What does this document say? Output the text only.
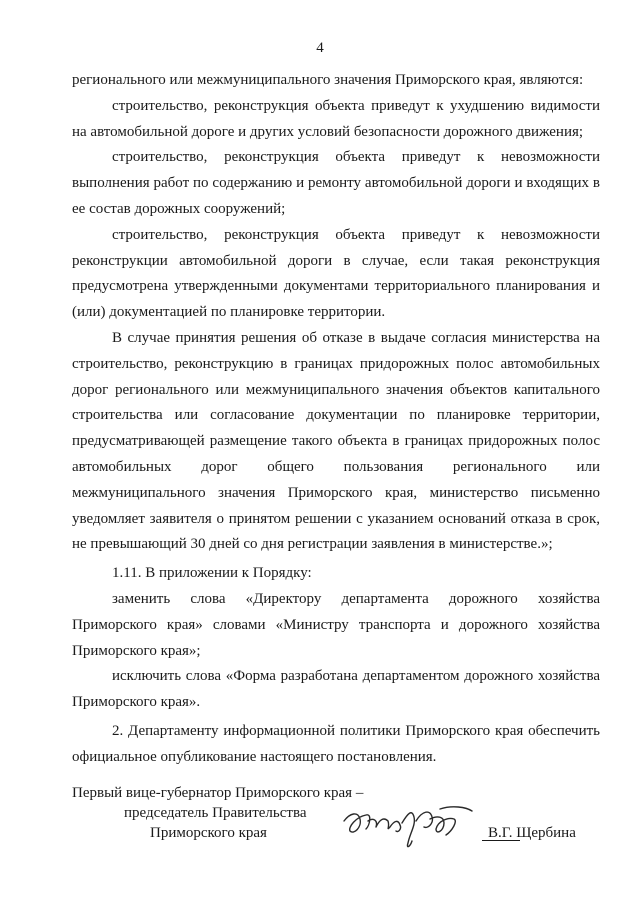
4

регионального или межмуниципального значения Приморского края, являются:

строительство, реконструкция объекта приведут к ухудшению видимости на автомобильной дороге и других условий безопасности дорожного движения;

строительство, реконструкция объекта приведут к невозможности выполнения работ по содержанию и ремонту автомобильной дороги и входящих в ее состав дорожных сооружений;

строительство, реконструкция объекта приведут к невозможности реконструкции автомобильной дороги в случае, если такая реконструкция предусмотрена утвержденными документами территориального планирования и (или) документацией по планировке территории.

В случае принятия решения об отказе в выдаче согласия министерства на строительство, реконструкцию в границах придорожных полос автомобильных дорог регионального или межмуниципального значения объектов капитального строительства или согласование документации по планировке территории, предусматривающей размещение такого объекта в границах придорожных полос автомобильных дорог общего пользования регионального или межмуниципального значения Приморского края, министерство письменно уведомляет заявителя о принятом решении с указанием оснований отказа в срок, не превышающий 30 дней со дня регистрации заявления в министерстве.»;

1.11. В приложении к Порядку:

заменить слова «Директору департамента дорожного хозяйства Приморского края» словами «Министру транспорта и дорожного хозяйства Приморского края»;

исключить слова «Форма разработана департаментом дорожного хозяйства Приморского края».

2. Департаменту информационной политики Приморского края обеспечить официальное опубликование настоящего постановления.

Первый вице-губернатор Приморского края –
председатель Правительства
Приморского края	В.Г. Щербина
